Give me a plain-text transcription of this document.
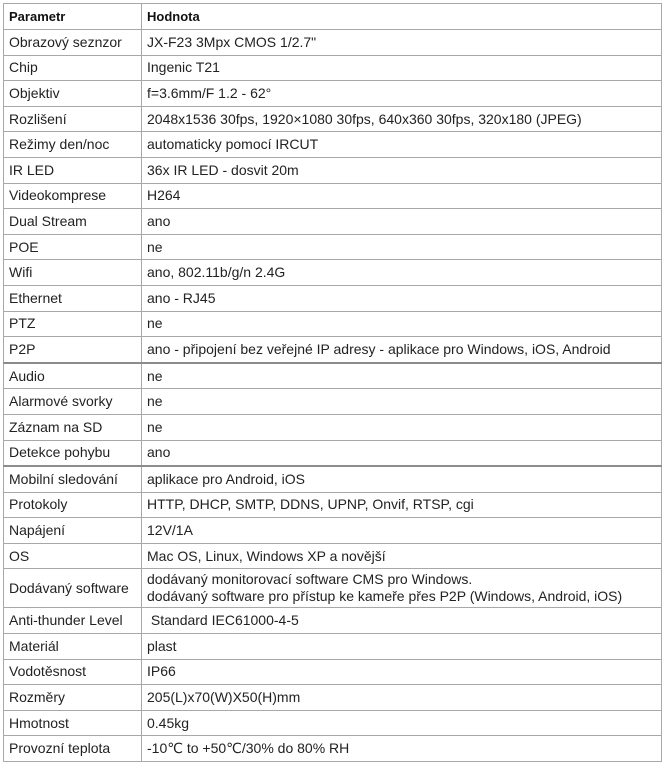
Parametr	Hodnota
Obrazový seznzor	JX-F23 3Mpx CMOS 1/2.7"

Chip	Ingenic T21

Objektiv	f=3.6mm/F 1.2 - 62°

Rozlišení	2048x1536 30fps, 1920×1080 30fps, 640x360 30fps, 320x180 (JPEG)

Režimy den/noc	automaticky pomocí IRCUT

IR LED	36x IR LED - dosvit 20m

Videokomprese	H264

Dual Stream	ano

POE	ne

Wifi	ano, 802.11b/g/n 2.4G

Ethernet	ano - RJ45

PTZ	ne

P2P	ano - připojení bez veřejné IP adresy - aplikace pro Windows, iOS, Android

Audio	ne

Alarmové svorky	ne

Záznam na SD	ne

Detekce pohybu	ano

Mobilní sledování	aplikace pro Android, iOS

Protokoly	HTTP, DHCP, SMTP, DDNS, UPNP, Onvif, RTSP, cgi

Napájení	12V/1A

OS	Mac OS, Linux, Windows XP a novější

Dodávaný software	dodávaný monitorovací software CMS pro Windows.
dodávaný software pro přístup ke kameře přes P2P (Windows, Android, iOS)

Anti-thunder Level	Standard IEC61000-4-5

Materiál	plast

Vodotěsnost	IP66

Rozměry	205(L)x70(W)X50(H)mm

Hmotnost	0.45kg

Provozní teplota	-10℃ to +50℃/30% do 80% RH
